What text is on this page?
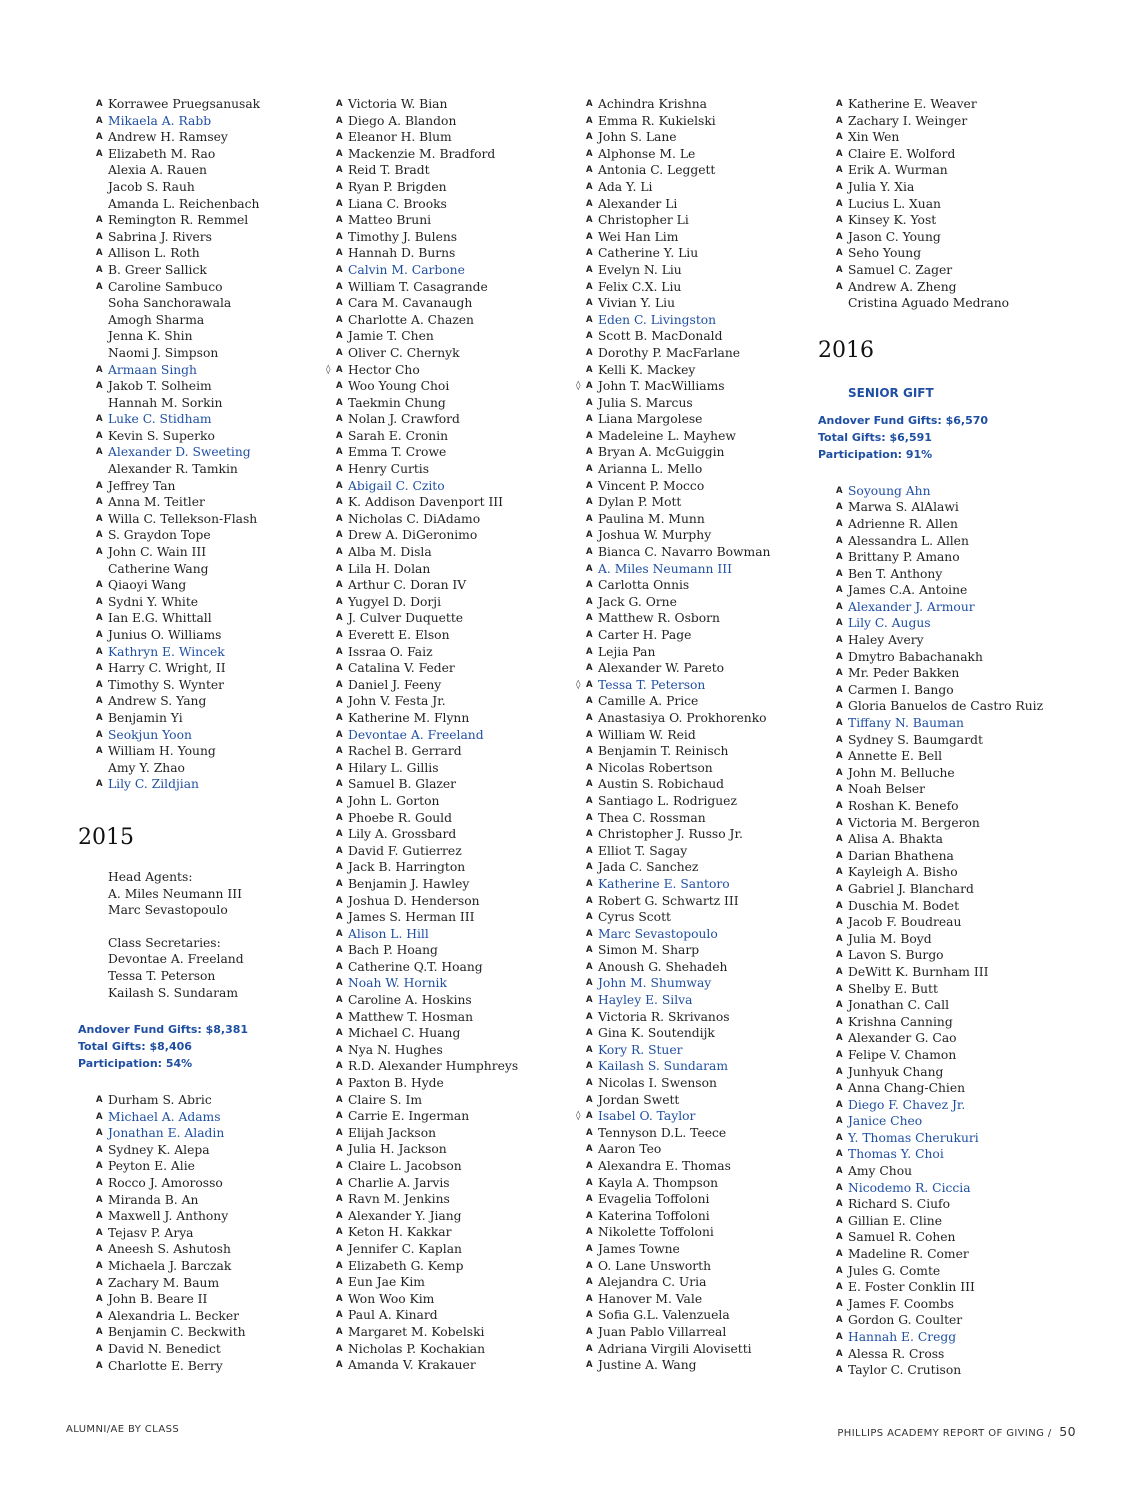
A Korrawee Pruegsanusak
A Mikaela A. Rabb
A Andrew H. Ramsey
A Elizabeth M. Rao
Alexia A. Rauen
Jacob S. Rauh
Amanda L. Reichenbach
A Remington R. Remmel
A Sabrina J. Rivers
A Allison L. Roth
A B. Greer Sallick
A Caroline Sambuco
Soha Sanchorawala
Amogh Sharma
Jenna K. Shin
Naomi J. Simpson
A Armaan Singh
A Jakob T. Solheim
Hannah M. Sorkin
A Luke C. Stidham
A Kevin S. Superko
A Alexander D. Sweeting
Alexander R. Tamkin
A Jeffrey Tan
A Anna M. Teitler
A Willa C. Tellekson-Flash
A S. Graydon Tope
A John C. Wain III
Catherine Wang
A Qiaoyi Wang
A Sydni Y. White
A Ian E.G. Whittall
A Junius O. Williams
A Kathryn E. Wincek
A Harry C. Wright, II
A Timothy S. Wynter
A Andrew S. Yang
A Benjamin Yi
A Seokjun Yoon
A William H. Young
Amy Y. Zhao
A Lily C. Zildjian
2015
Head Agents:
A. Miles Neumann III
Marc Sevastopoulo
Class Secretaries:
Devontae A. Freeland
Tessa T. Peterson
Kailash S. Sundaram
Andover Fund Gifts: $8,381
Total Gifts: $8,406
Participation: 54%
A Durham S. Abric
A Michael A. Adams
A Jonathan E. Aladin
A Sydney K. Alepa
A Peyton E. Alie
A Rocco J. Amorosso
A Miranda B. An
A Maxwell J. Anthony
A Tejasv P. Arya
A Aneesh S. Ashutosh
A Michaela J. Barczak
A Zachary M. Baum
A John B. Beare II
A Alexandria L. Becker
A Benjamin C. Beckwith
A David N. Benedict
A Charlotte E. Berry
A Victoria W. Bian
A Diego A. Blandon
A Eleanor H. Blum
A Mackenzie M. Bradford
A Reid T. Bradt
A Ryan P. Brigden
A Liana C. Brooks
A Matteo Bruni
A Timothy J. Bulens
A Hannah D. Burns
A Calvin M. Carbone
A William T. Casagrande
A Cara M. Cavanaugh
A Charlotte A. Chazen
A Jamie T. Chen
A Oliver C. Chernyk
◊ A Hector Cho
A Woo Young Choi
A Taekmin Chung
A Nolan J. Crawford
A Sarah E. Cronin
A Emma T. Crowe
A Henry Curtis
A Abigail C. Czito
A K. Addison Davenport III
A Nicholas C. DiAdamo
A Drew A. DiGeronimo
A Alba M. Disla
A Lila H. Dolan
A Arthur C. Doran IV
A Yugyel D. Dorji
A J. Culver Duquette
A Everett E. Elson
A Issraa O. Faiz
A Catalina V. Feder
A Daniel J. Feeny
A John V. Festa Jr.
A Katherine M. Flynn
A Devontae A. Freeland
A Rachel B. Gerrard
A Hilary L. Gillis
A Samuel B. Glazer
A John L. Gorton
A Phoebe R. Gould
A Lily A. Grossbard
A David F. Gutierrez
A Jack B. Harrington
A Benjamin J. Hawley
A Joshua D. Henderson
A James S. Herman III
A Alison L. Hill
A Bach P. Hoang
A Catherine Q.T. Hoang
A Noah W. Hornik
A Caroline A. Hoskins
A Matthew T. Hosman
A Michael C. Huang
A Nya N. Hughes
A R.D. Alexander Humphreys
A Paxton B. Hyde
A Claire S. Im
A Carrie E. Ingerman
A Elijah Jackson
A Julia H. Jackson
A Claire L. Jacobson
A Charlie A. Jarvis
A Ravn M. Jenkins
A Alexander Y. Jiang
A Keton H. Kakkar
A Jennifer C. Kaplan
A Elizabeth G. Kemp
A Eun Jae Kim
A Won Woo Kim
A Paul A. Kinard
A Margaret M. Kobelski
A Nicholas P. Kochakian
A Amanda V. Krakauer
A Achindra Krishna
A Emma R. Kukielski
A John S. Lane
A Alphonse M. Le
A Antonia C. Leggett
A Ada Y. Li
A Alexander Li
A Christopher Li
A Wei Han Lim
A Catherine Y. Liu
A Evelyn N. Liu
A Felix C.X. Liu
A Vivian Y. Liu
A Eden C. Livingston
A Scott B. MacDonald
A Dorothy P. MacFarlane
A Kelli K. Mackey
◊ A John T. MacWilliams
A Julia S. Marcus
A Liana Margolese
A Madeleine L. Mayhew
A Bryan A. McGuiggin
A Arianna L. Mello
A Vincent P. Mocco
A Dylan P. Mott
A Paulina M. Munn
A Joshua W. Murphy
A Bianca C. Navarro Bowman
A A. Miles Neumann III
A Carlotta Onnis
A Jack G. Orne
A Matthew R. Osborn
A Carter H. Page
A Lejia Pan
A Alexander W. Pareto
◊ A Tessa T. Peterson
A Camille A. Price
A Anastasiya O. Prokhorenko
A William W. Reid
A Benjamin T. Reinisch
A Nicolas Robertson
A Austin S. Robichaud
A Santiago L. Rodriguez
A Thea C. Rossman
A Christopher J. Russo Jr.
A Elliot T. Sagay
A Jada C. Sanchez
A Katherine E. Santoro
A Robert G. Schwartz III
A Cyrus Scott
A Marc Sevastopoulo
A Simon M. Sharp
A Anoush G. Shehadeh
A John M. Shumway
A Hayley E. Silva
A Victoria R. Skrivanos
A Gina K. Soutendijk
A Kory R. Stuer
A Kailash S. Sundaram
A Nicolas I. Swenson
A Jordan Swett
◊ A Isabel O. Taylor
A Tennyson D.L. Teece
A Aaron Teo
A Alexandra E. Thomas
A Kayla A. Thompson
A Evagelia Toffoloni
A Katerina Toffoloni
A Nikolette Toffoloni
A James Towne
A O. Lane Unsworth
A Alejandra C. Uria
A Hanover M. Vale
A Sofia G.L. Valenzuela
A Juan Pablo Villarreal
A Adriana Virgili Alovisetti
A Justine A. Wang
A Katherine E. Weaver
A Zachary I. Weinger
A Xin Wen
A Claire E. Wolford
A Erik A. Wurman
A Julia Y. Xia
A Lucius L. Xuan
A Kinsey K. Yost
A Jason C. Young
A Seho Young
A Samuel C. Zager
A Andrew A. Zheng
Cristina Aguado Medrano
2016
SENIOR GIFT
Andover Fund Gifts: $6,570
Total Gifts: $6,591
Participation: 91%
A Soyoung Ahn
A Marwa S. AlAlawi
A Adrienne R. Allen
A Alessandra L. Allen
A Brittany P. Amano
A Ben T. Anthony
A James C.A. Antoine
A Alexander J. Armour
A Lily C. Augus
A Haley Avery
A Dmytro Babachanakh
A Mr. Peder Bakken
A Carmen I. Bango
A Gloria Banuelos de Castro Ruiz
A Tiffany N. Bauman
A Sydney S. Baumgardt
A Annette E. Bell
A John M. Belluche
A Noah Belser
A Roshan K. Benefo
A Victoria M. Bergeron
A Alisa A. Bhakta
A Darian Bhathena
A Kayleigh A. Bisho
A Gabriel J. Blanchard
A Duschia M. Bodet
A Jacob F. Boudreau
A Julia M. Boyd
A Lavon S. Burgo
A DeWitt K. Burnham III
A Shelby E. Butt
A Jonathan C. Call
A Krishna Canning
A Alexander G. Cao
A Felipe V. Chamon
A Junhyuk Chang
A Anna Chang-Chien
A Diego F. Chavez Jr.
A Janice Cheo
A Y. Thomas Cherukuri
A Thomas Y. Choi
A Amy Chou
A Nicodemo R. Ciccia
A Richard S. Ciufo
A Gillian E. Cline
A Samuel R. Cohen
A Madeline R. Comer
A Jules G. Comte
A E. Foster Conklin III
A James F. Coombs
A Gordon G. Coulter
A Hannah E. Cregg
A Alessa R. Cross
A Taylor C. Crutison
ALUMNI/AE BY CLASS	PHILLIPS ACADEMY REPORT OF GIVING / 50
